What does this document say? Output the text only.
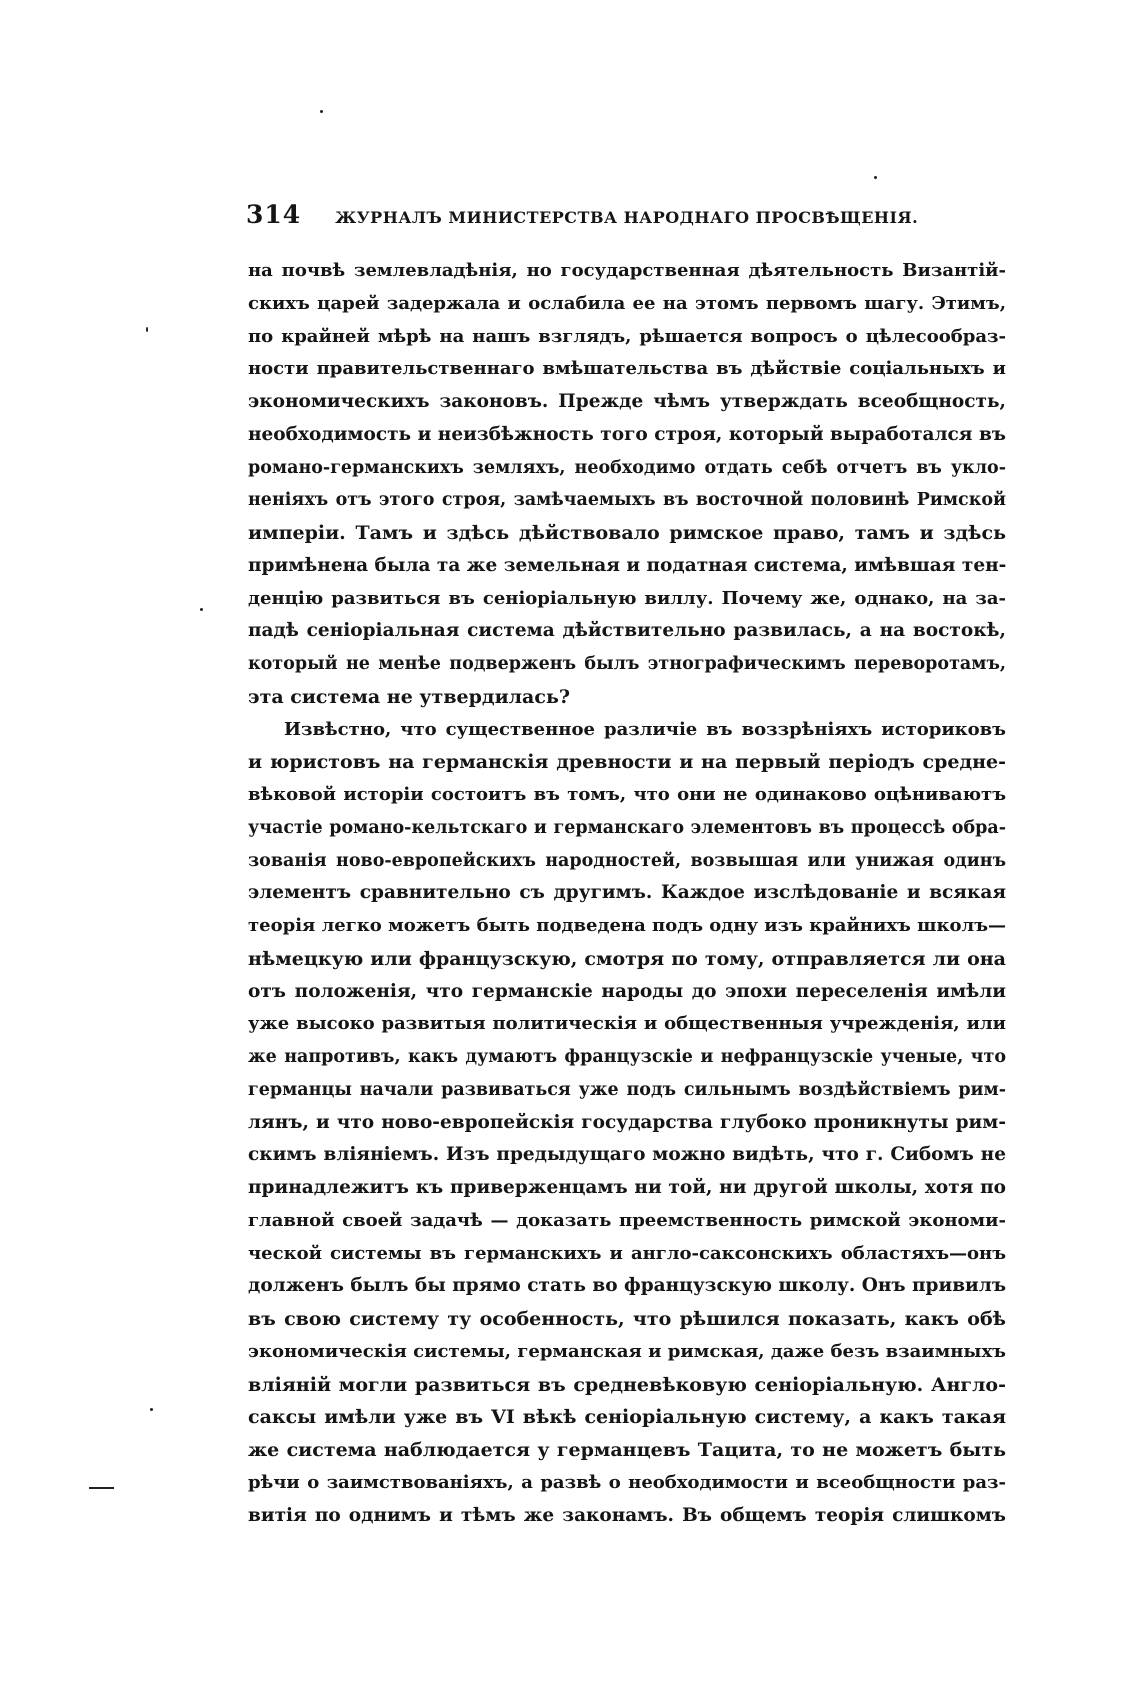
314 ЖУРНАЛЪ МИНИСТЕРСТВА НАРОДНАГО ПРОСВѢЩЕНІЯ.
на почвѣ землевладѣнія, но государственная дѣятельность Византій-
скихъ царей задержала и ослабила ее на этомъ первомъ шагу. Этимъ,
по крайней мѣрѣ на нашъ взглядъ, рѣшается вопросъ о цѣлесообраз-
ности правительственнаго вмѣшательства въ дѣйствіе соціальныхъ и
экономическихъ законовъ. Прежде чѣмъ утверждать всеобщность,
необходимость и неизбѣжность того строя, который выработался въ
романо-германскихъ земляхъ, необходимо отдать себѣ отчетъ въ укло-
неніяхъ отъ этого строя, замѣчаемыхъ въ восточной половинѣ Римской
имперіи. Тамъ и здѣсь дѣйствовало римское право, тамъ и здѣсь
примѣнена была та же земельная и податная система, имѣвшая тен-
денцію развиться въ сеніоріальную виллу. Почему же, однако, на за-
падѣ сеніоріальная система дѣйствительно развилась, а на востокѣ,
который не менѣе подверженъ былъ этнографическимъ переворотамъ,
эта система не утвердилась?
Извѣстно, что существенное различіе въ воззрѣніяхъ историковъ
и юристовъ на германскія древности и на первый періодъ средне-
вѣковой исторіи состоитъ въ томъ, что они не одинаково оцѣниваютъ
участіе романо-кельтскаго и германскаго элементовъ въ процессѣ обра-
зованія ново-европейскихъ народностей, возвышая или унижая одинъ
элементъ сравнительно съ другимъ. Каждое изслѣдованіе и всякая
теорія легко можетъ быть подведена подъ одну изъ крайнихъ школъ—
нѣмецкую или французскую, смотря по тому, отправляется ли она
отъ положенія, что германскіе народы до эпохи переселенія имѣли
уже высоко развитыя политическія и общественныя учрежденія, или
же напротивъ, какъ думаютъ французскіе и нефранцузскіе ученые, что
германцы начали развиваться уже подъ сильнымъ воздѣйствіемъ рим-
лянъ, и что ново-европейскія государства глубоко проникнуты рим-
скимъ вліяніемъ. Изъ предыдущаго можно видѣть, что г. Сибомъ не
принадлежитъ къ приверженцамъ ни той, ни другой школы, хотя по
главной своей задачѣ — доказать преемственность римской экономи-
ческой системы въ германскихъ и англо-саксонскихъ областяхъ—онъ
долженъ былъ бы прямо стать во французскую школу. Онъ привилъ
въ свою систему ту особенность, что рѣшился показать, какъ обѣ
экономическія системы, германская и римская, даже безъ взаимныхъ
вліяній могли развиться въ средневѣковую сеніоріальную. Англо-
саксы имѣли уже въ VI вѣкѣ сеніоріальную систему, а какъ такая
же система наблюдается у германцевъ Тацита, то не можетъ быть
рѣчи о заимствованіяхъ, а развѣ о необходимости и всеобщности раз-
витія по однимъ и тѣмъ же законамъ. Въ общемъ теорія слишкомъ
